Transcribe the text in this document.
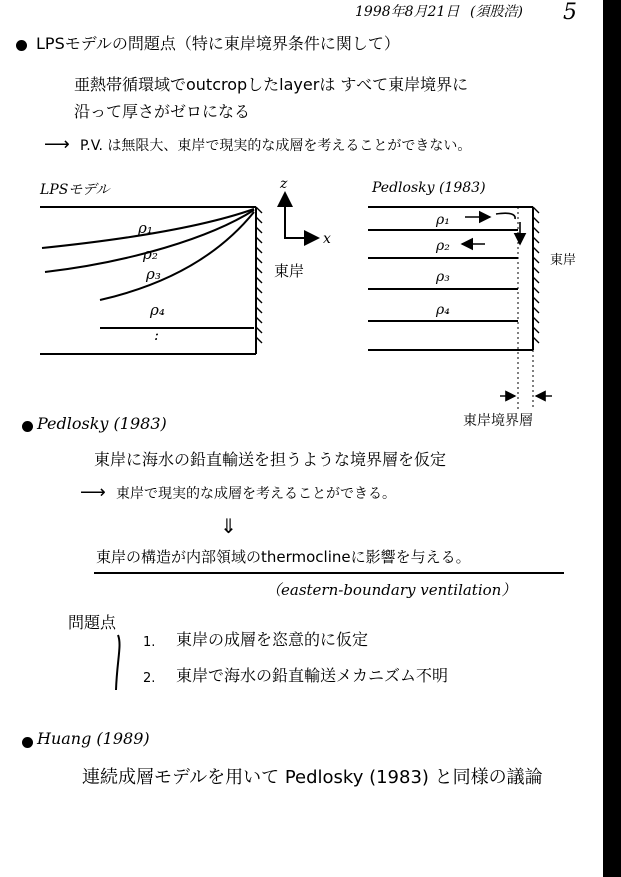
1998年8月21日 (須股浩) 5
LPSモデルの問題点（特に東岸境界条件に関して）
亜熱帯循環域でoutcropしたlayerは すべて東岸境界に
沿って厚さがゼロになる
⟶ P.V. は無限大、東岸で現実的な成層を考えることができない。
LPSモデル
ρ₁
ρ₂
ρ₃
ρ₄
:
z
x
Pedlosky (1983)
ρ₁
ρ₂
ρ₃
ρ₄
東岸
東岸
東岸境界層
Pedlosky (1983)
東岸に海水の鉛直輸送を担うような境界層を仮定
⟶ 東岸で現実的な成層を考えることができる。
⇓
東岸の構造が内部領域のthermoclineに影響を与える。
（eastern-boundary ventilation）
問題点
1. 東岸の成層を恣意的に仮定
2. 東岸で海水の鉛直輸送メカニズム不明
Huang (1989)
連続成層モデルを用いて Pedlosky (1983) と同様の議論
